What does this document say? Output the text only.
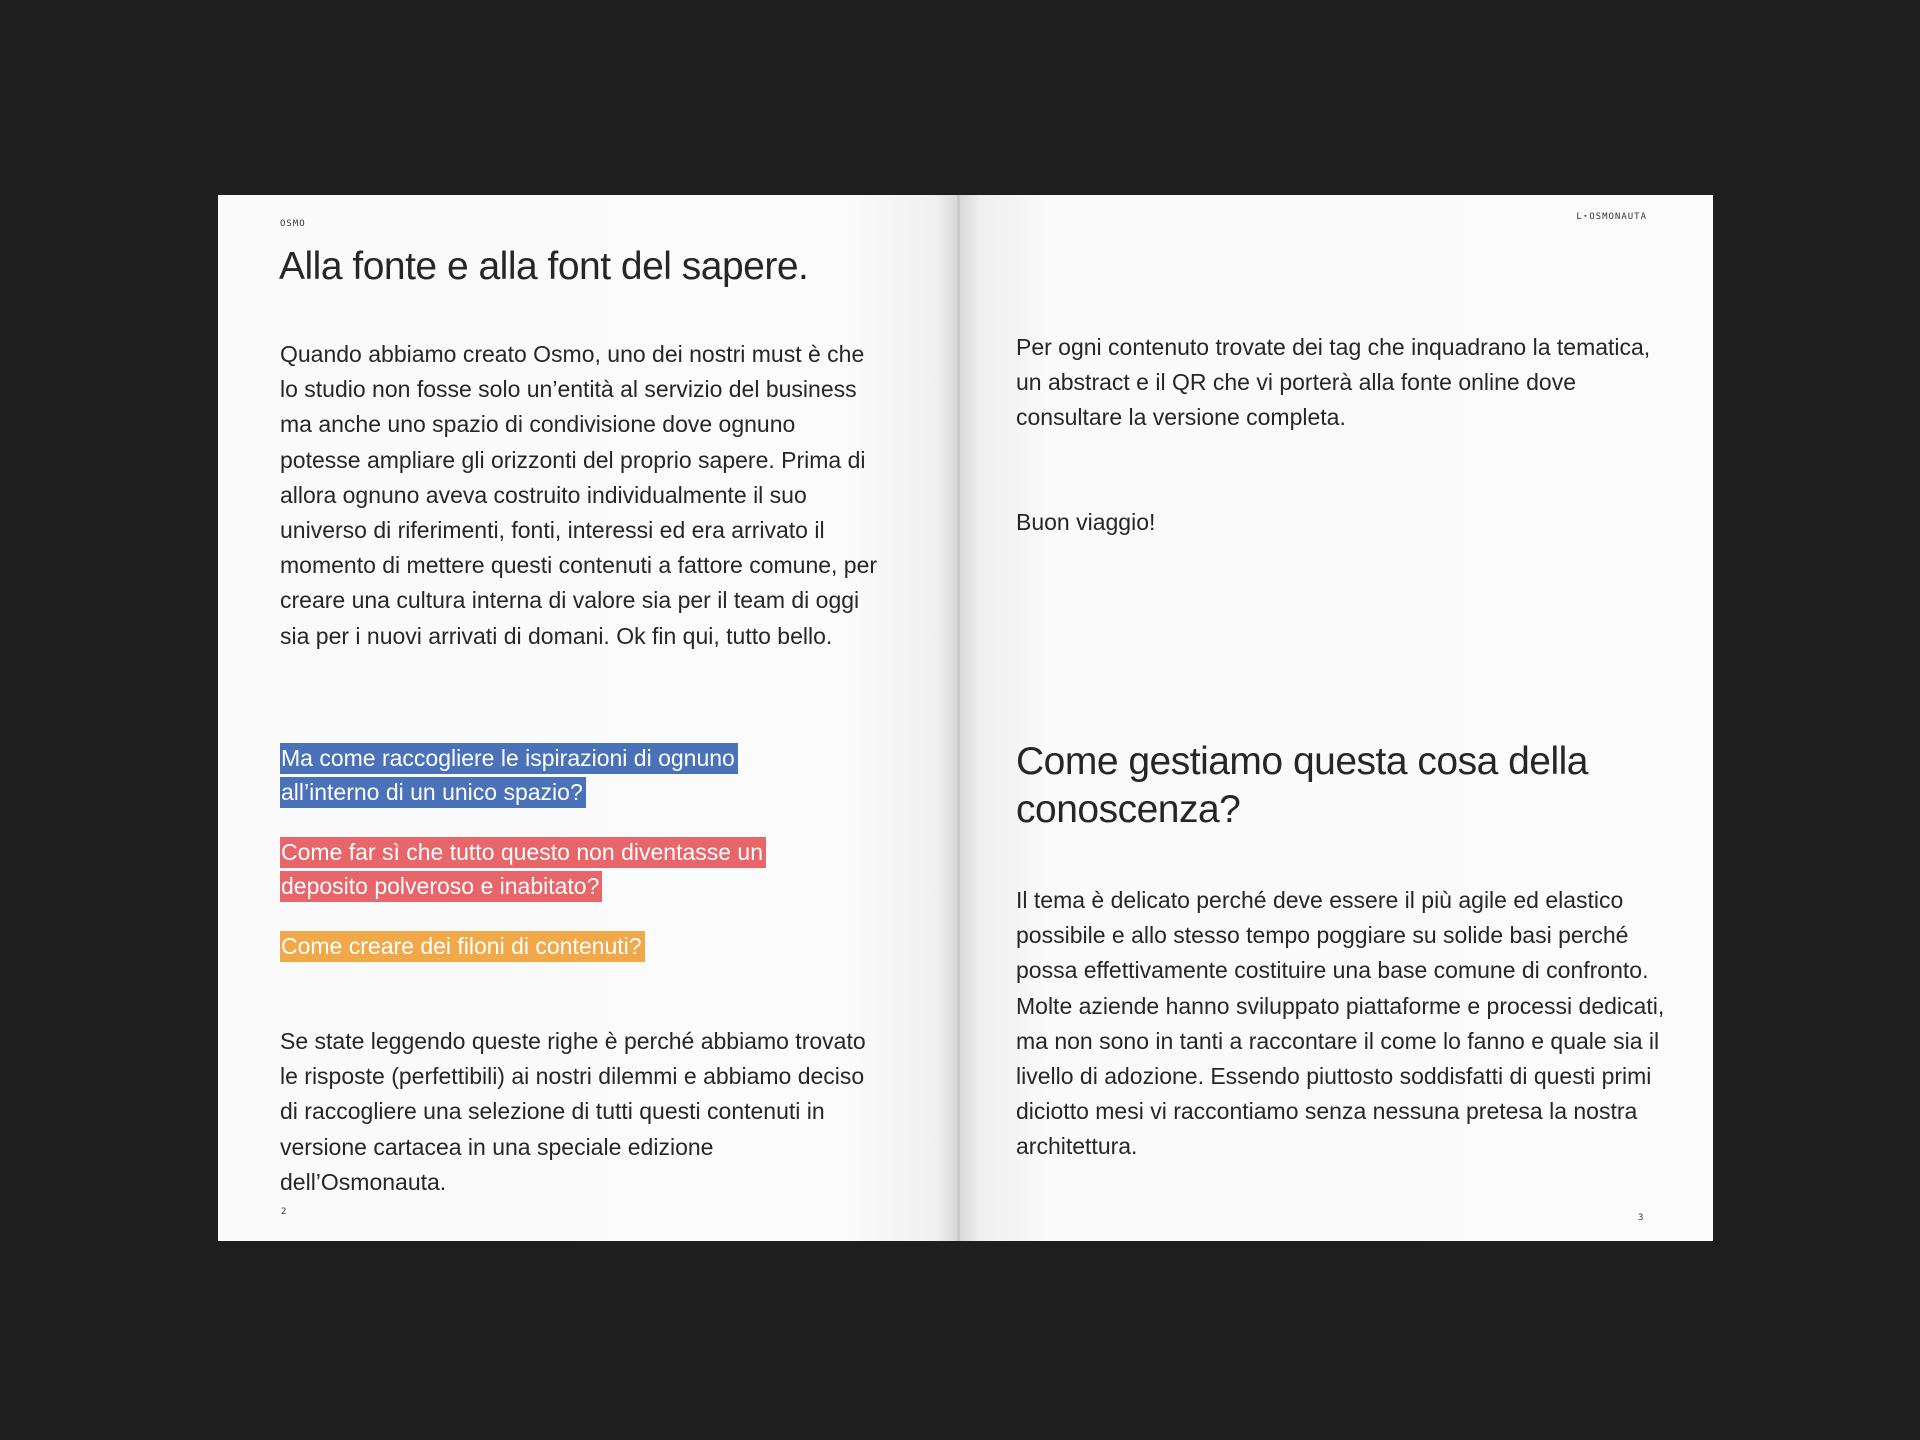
OSMO
Alla fonte e alla font del sapere.

Quando abbiamo creato Osmo, uno dei nostri must è che lo studio non fosse solo un’entità al servizio del business ma anche uno spazio di condivisione dove ognuno potesse ampliare gli orizzonti del proprio sapere. Prima di allora ognuno aveva costruito individualmente il suo universo di riferimenti, fonti, interessi ed era arrivato il momento di mettere questi contenuti a fattore comune, per creare una cultura interna di valore sia per il team di oggi sia per i nuovi arrivati di domani. Ok fin qui, tutto bello.

Ma come raccogliere le ispirazioni di ognuno all’interno di un unico spazio?

Come far sì che tutto questo non diventasse un deposito polveroso e inabitato?

Come creare dei filoni di contenuti?

Se state leggendo queste righe è perché abbiamo trovato le risposte (perfettibili) ai nostri dilemmi e abbiamo deciso di raccogliere una selezione di tutti questi contenuti in versione cartacea in una speciale edizione dell’Osmonauta.

2
L⋆OSMONAUTA

Per ogni contenuto trovate dei tag che inquadrano la tematica, un abstract e il QR che vi porterà alla fonte online dove consultare la versione completa.

Buon viaggio!

Come gestiamo questa cosa della conoscenza?

Il tema è delicato perché deve essere il più agile ed elastico possibile e allo stesso tempo poggiare su solide basi perché possa effettivamente costituire una base comune di confronto. Molte aziende hanno sviluppato piattaforme e processi dedicati, ma non sono in tanti a raccontare il come lo fanno e quale sia il livello di adozione. Essendo piuttosto soddisfatti di questi primi diciotto mesi vi raccontiamo senza nessuna pretesa la nostra architettura.

3
